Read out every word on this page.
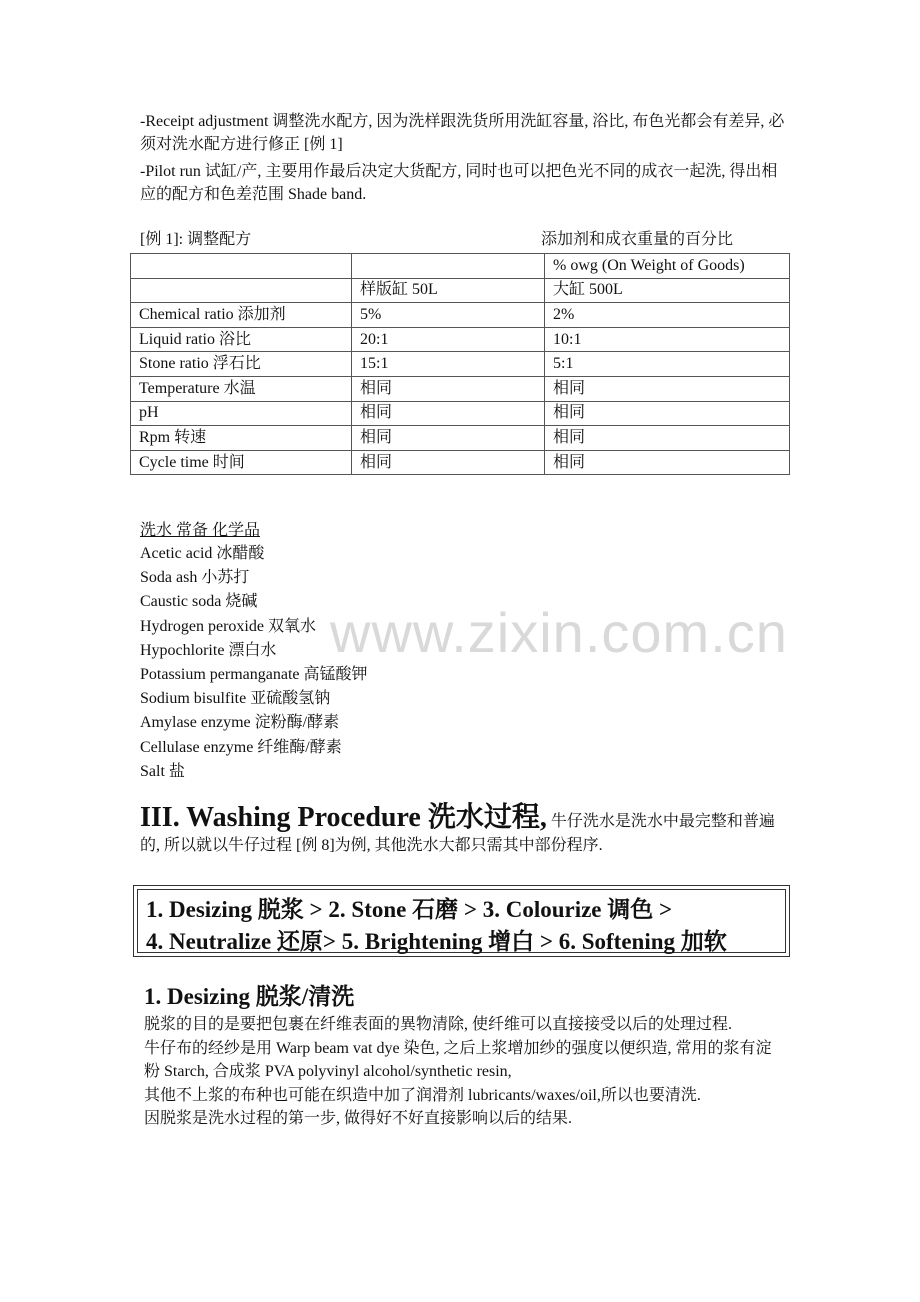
-Receipt adjustment 调整洗水配方, 因为洗样跟洗货所用洗缸容量, 浴比, 布色光都会有差异, 必须对洗水配方进行修正 [例 1]

-Pilot run 试缸/产, 主要用作最后决定大货配方, 同时也可以把色光不同的成衣一起洗, 得出相应的配方和色差范围 Shade band.

[例 1]: 调整配方	添加剂和成衣重量的百分比
		% owg (On Weight of Goods)
	样版缸 50L	大缸 500L
Chemical ratio 添加剂	5%	2%
Liquid ratio 浴比	20:1	10:1
Stone ratio 浮石比	15:1	5:1
Temperature 水温	相同	相同
pH	相同	相同
Rpm 转速	相同	相同
Cycle time 时间	相同	相同
洗水 常备 化学品
Acetic acid 冰醋酸
Soda ash 小苏打
Caustic soda 烧碱
Hydrogen peroxide 双氧水
Hypochlorite 漂白水
Potassium permanganate 高锰酸钾
Sodium bisulfite 亚硫酸氢钠
Amylase enzyme 淀粉酶/酵素
Cellulase enzyme 纤维酶/酵素
Salt 盐
www.zixin.com.cn

III. Washing Procedure 洗水过程, 牛仔洗水是洗水中最完整和普遍的, 所以就以牛仔过程 [例 8]为例, 其他洗水大都只需其中部份程序.

1. Desizing 脱浆 > 2. Stone 石磨 > 3. Colourize 调色 >
4. Neutralize 还原> 5. Brightening 增白 > 6. Softening 加软
1. Desizing 脱浆/清洗

脱浆的目的是要把包裹在纤维表面的異物清除, 使纤维可以直接接受以后的处理过程.

牛仔布的经纱是用 Warp beam vat dye 染色, 之后上浆增加纱的强度以便织造, 常用的浆有淀粉 Starch, 合成浆 PVA polyvinyl alcohol/synthetic resin,

其他不上浆的布种也可能在织造中加了润滑剂 lubricants/waxes/oil,所以也要清洗.

因脱浆是洗水过程的第一步, 做得好不好直接影响以后的结果.
